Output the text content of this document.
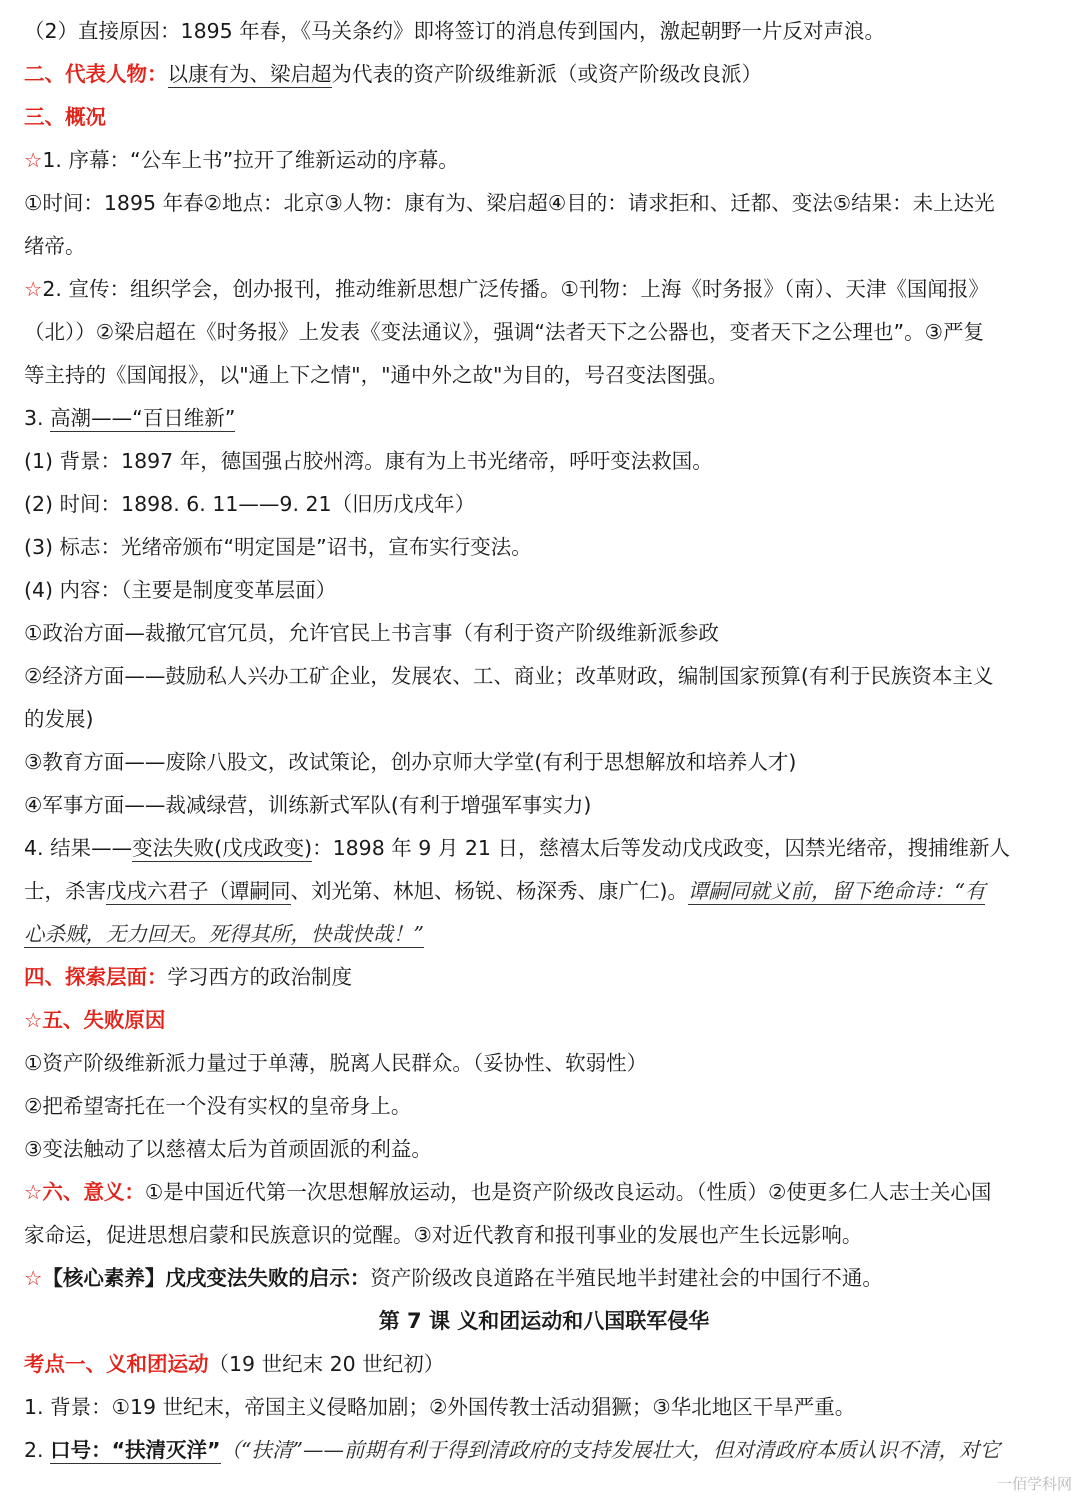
（2）直接原因：1895 年春，《马关条约》即将签订的消息传到国内，激起朝野一片反对声浪。
二、代表人物：以康有为、梁启超为代表的资产阶级维新派（或资产阶级改良派）
三、概况
☆1. 序幕：“公车上书”拉开了维新运动的序幕。
①时间：1895 年春②地点：北京③人物：康有为、梁启超④目的：请求拒和、迁都、变法⑤结果：未上达光
绪帝。
☆2. 宣传：组织学会，创办报刊，推动维新思想广泛传播。①刊物：上海《时务报》（南）、天津《国闻报》
（北））②梁启超在《时务报》上发表《变法通议》，强调“法者天下之公器也，变者天下之公理也”。③严复
等主持的《国闻报》，以"通上下之情"，"通中外之故"为目的，号召变法图强。
3. 高潮——“百日维新”
(1) 背景：1897 年，德国强占胶州湾。康有为上书光绪帝，呼吁变法救国。
(2) 时间：1898. 6. 11——9. 21（旧历戊戌年）
(3) 标志：光绪帝颁布“明定国是”诏书，宣布实行变法。
(4) 内容：（主要是制度变革层面）
①政治方面—裁撤冗官冗员，允许官民上书言事（有利于资产阶级维新派参政
②经济方面——鼓励私人兴办工矿企业，发展农、工、商业；改革财政，编制国家预算(有利于民族资本主义
的发展)
③教育方面——废除八股文，改试策论，创办京师大学堂(有利于思想解放和培养人才)
④军事方面——裁减绿营，训练新式军队(有利于增强军事实力)
4. 结果——变法失败(戊戌政变)：1898 年 9 月 21 日，慈禧太后等发动戊戌政变，囚禁光绪帝，搜捕维新人
士，杀害戊戌六君子（谭嗣同、刘光第、林旭、杨锐、杨深秀、康广仁)。谭嗣同就义前，留下绝命诗：“有
心杀贼，无力回天。死得其所，快哉快哉！”
四、探索层面：学习西方的政治制度
☆五、失败原因
①资产阶级维新派力量过于单薄，脱离人民群众。（妥协性、软弱性）
②把希望寄托在一个没有实权的皇帝身上。
③变法触动了以慈禧太后为首顽固派的利益。
☆六、意义：①是中国近代第一次思想解放运动，也是资产阶级改良运动。（性质）②使更多仁人志士关心国
家命运，促进思想启蒙和民族意识的觉醒。③对近代教育和报刊事业的发展也产生长远影响。
☆【核心素养】戊戌变法失败的启示：资产阶级改良道路在半殖民地半封建社会的中国行不通。
第 7 课 义和团运动和八国联军侵华
考点一、义和团运动（19 世纪末 20 世纪初）
1. 背景：①19 世纪末，帝国主义侵略加剧；②外国传教士活动猖獗；③华北地区干旱严重。
2. 口号：“扶清灭洋”（“扶清”——前期有利于得到清政府的支持发展壮大，但对清政府本质认识不清，对它
一佰学科网
